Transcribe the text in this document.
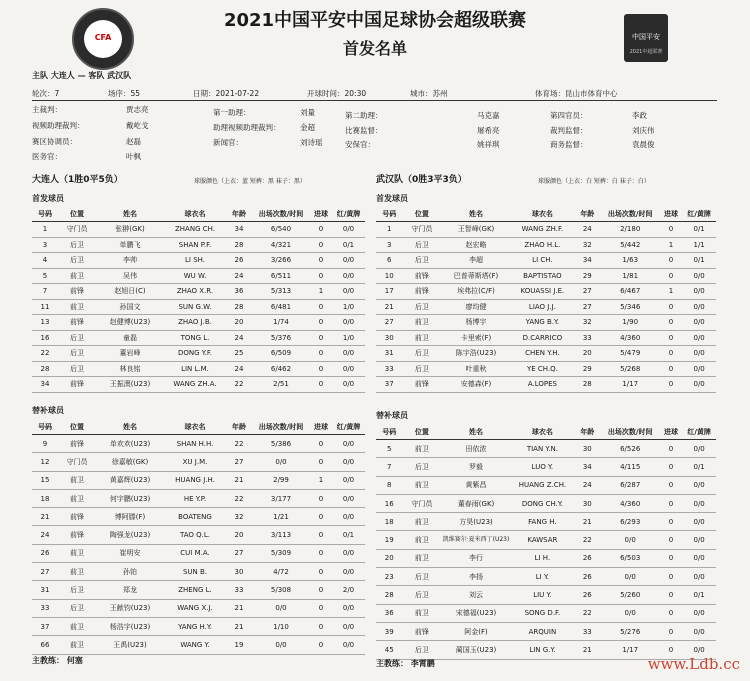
CFA	中国平安
2021中超联赛
2021中国平安中国足球协会超级联赛
首发名单
主队 大连人 — 客队 武汉队
轮次：7	场序：55	日期：2021-07-22	开球时间：20:30	城市：苏州	体育场：昆山市体育中心
主裁判：	贾志亮	第一助理：	刘量	第二助理：	马克嘉	第四官员：	李政
视频助理裁判：	戴屹戈	助理视频助理裁判：	金超	比赛监督：	屠希亮	裁判监督：	刘庆伟
赛区协调员：	赵磊	新闻官：	刘诗瑶	安保官：	姚祥琪	商务监督：	袁晨俊
医务官：	叶枫
大连人（1胜0平5负）	球服颜色（上衣：蓝 短裤：黑 袜子：黑）	武汉队（0胜3平3负）	球服颜色（上衣：白 短裤：白 袜子：白）
首发球员	首发球员
号码	位置	姓名	球衣名	年龄	出场次数/时间	进球	红/黄牌
1	守门员	张翀(GK)	ZHANG CH.	34	6/540	0	0/0
3	后卫	单鹏飞	SHAN P.F.	28	4/321	0	0/1
4	后卫	李帅	LI SH.	26	3/266	0	0/0
5	前卫	吴伟	WU W.	24	6/511	0	0/0
7	前锋	赵旭日(C)	ZHAO X.R.	36	5/313	1	0/0
11	前卫	孙国文	SUN G.W.	28	6/481	0	1/0
13	前锋	赵健博(U23)	ZHAO J.B.	20	1/74	0	0/0
16	后卫	童磊	TONG L.	24	5/376	0	1/0
22	后卫	董岩峰	DONG Y.F.	25	6/509	0	0/0
28	后卫	林良铭	LIN L.M.	24	6/462	0	0/0
34	前锋	王振澳(U23)	WANG ZH.A.	22	2/51	0	0/0
号码	位置	姓名	球衣名	年龄	出场次数/时间	进球	红/黄牌
1	守门员	王智峰(GK)	WANG ZH.F.	24	2/180	0	0/1
3	后卫	赵宏略	ZHAO H.L.	32	5/442	1	1/1
6	后卫	李超	LI CH.	34	1/63	0	0/1
10	前锋	巴普蒂斯塔(F)	BAPTISTAO	29	1/81	0	0/0
17	前锋	埃弗拉(C/F)	KOUASSI J.E.	27	6/467	1	0/0
21	后卫	廖均健	LIAO J.J.	27	5/346	0	0/0
27	前卫	杨博宇	YANG B.Y.	32	1/90	0	0/0
30	前卫	卡里索(F)	D.CARRICO	33	4/360	0	0/0
31	后卫	陈宇浩(U23)	CHEN Y.H.	20	5/479	0	0/0
33	后卫	叶重秋	YE CH.Q.	29	5/268	0	0/0
37	前锋	安德森(F)	A.LOPES	28	1/17	0	0/0
替补球员
替补球员
号码	位置	姓名	球衣名	年龄	出场次数/时间	进球	红/黄牌
9	前锋	单欢欢(U23)	SHAN H.H.	22	5/386	0	0/0
12	守门员	徐嘉敏(GK)	XU J.M.	27	0/0	0	0/0
15	前卫	黄嘉辉(U23)	HUANG J.H.	21	2/99	1	0/0
18	前卫	何宇鹏(U23)	HE Y.P.	22	3/177	0	0/0
21	前锋	博阿滕(F)	BOATENG	32	1/21	0	0/0
24	前锋	陶强龙(U23)	TAO Q.L.	20	3/113	0	0/1
26	前卫	崔明安	CUI M.A.	27	5/309	0	0/0
27	前卫	孙铂	SUN B.	30	4/72	0	0/0
31	后卫	郑龙	ZHENG L.	33	5/308	0	2/0
33	后卫	王献钧(U23)	WANG X.J.	21	0/0	0	0/0
37	前卫	杨浩宇(U23)	YANG H.Y.	21	1/10	0	0/0
66	前卫	王禹(U23)	WANG Y.	19	0/0	0	0/0
号码	位置	姓名	球衣名	年龄	出场次数/时间	进球	红/黄牌
5	前卫	田依浓	TIAN Y.N.	30	6/526	0	0/0
7	后卫	罗毅	LUO Y.	34	4/115	0	0/1
8	前卫	黄紫昌	HUANG Z.CH.	24	6/287	0	0/0
16	守门员	董春雨(GK)	DONG CH.Y.	30	4/360	0	0/0
18	前卫	方昊(U23)	FANG H.	21	6/293	0	0/0
19	前卫	凯维赛尔·夏米西丁(U23)	KAWSAR	22	0/0	0	0/0
20	前卫	李行	LI H.	26	6/503	0	0/0
23	后卫	李扬	LI Y.	26	0/0	0	0/0
28	后卫	刘云	LIU Y.	26	5/260	0	0/1
36	前卫	宋德福(U23)	SONG D.F.	22	0/0	0	0/0
39	前锋	阿金(F)	ARQUIN	33	5/276	0	0/0
45	后卫	蔺国玉(U23)	LIN G.Y.	21	1/17	0	0/0
主教练： 何塞	主教练： 李霄鹏	www.Ldb.cc
